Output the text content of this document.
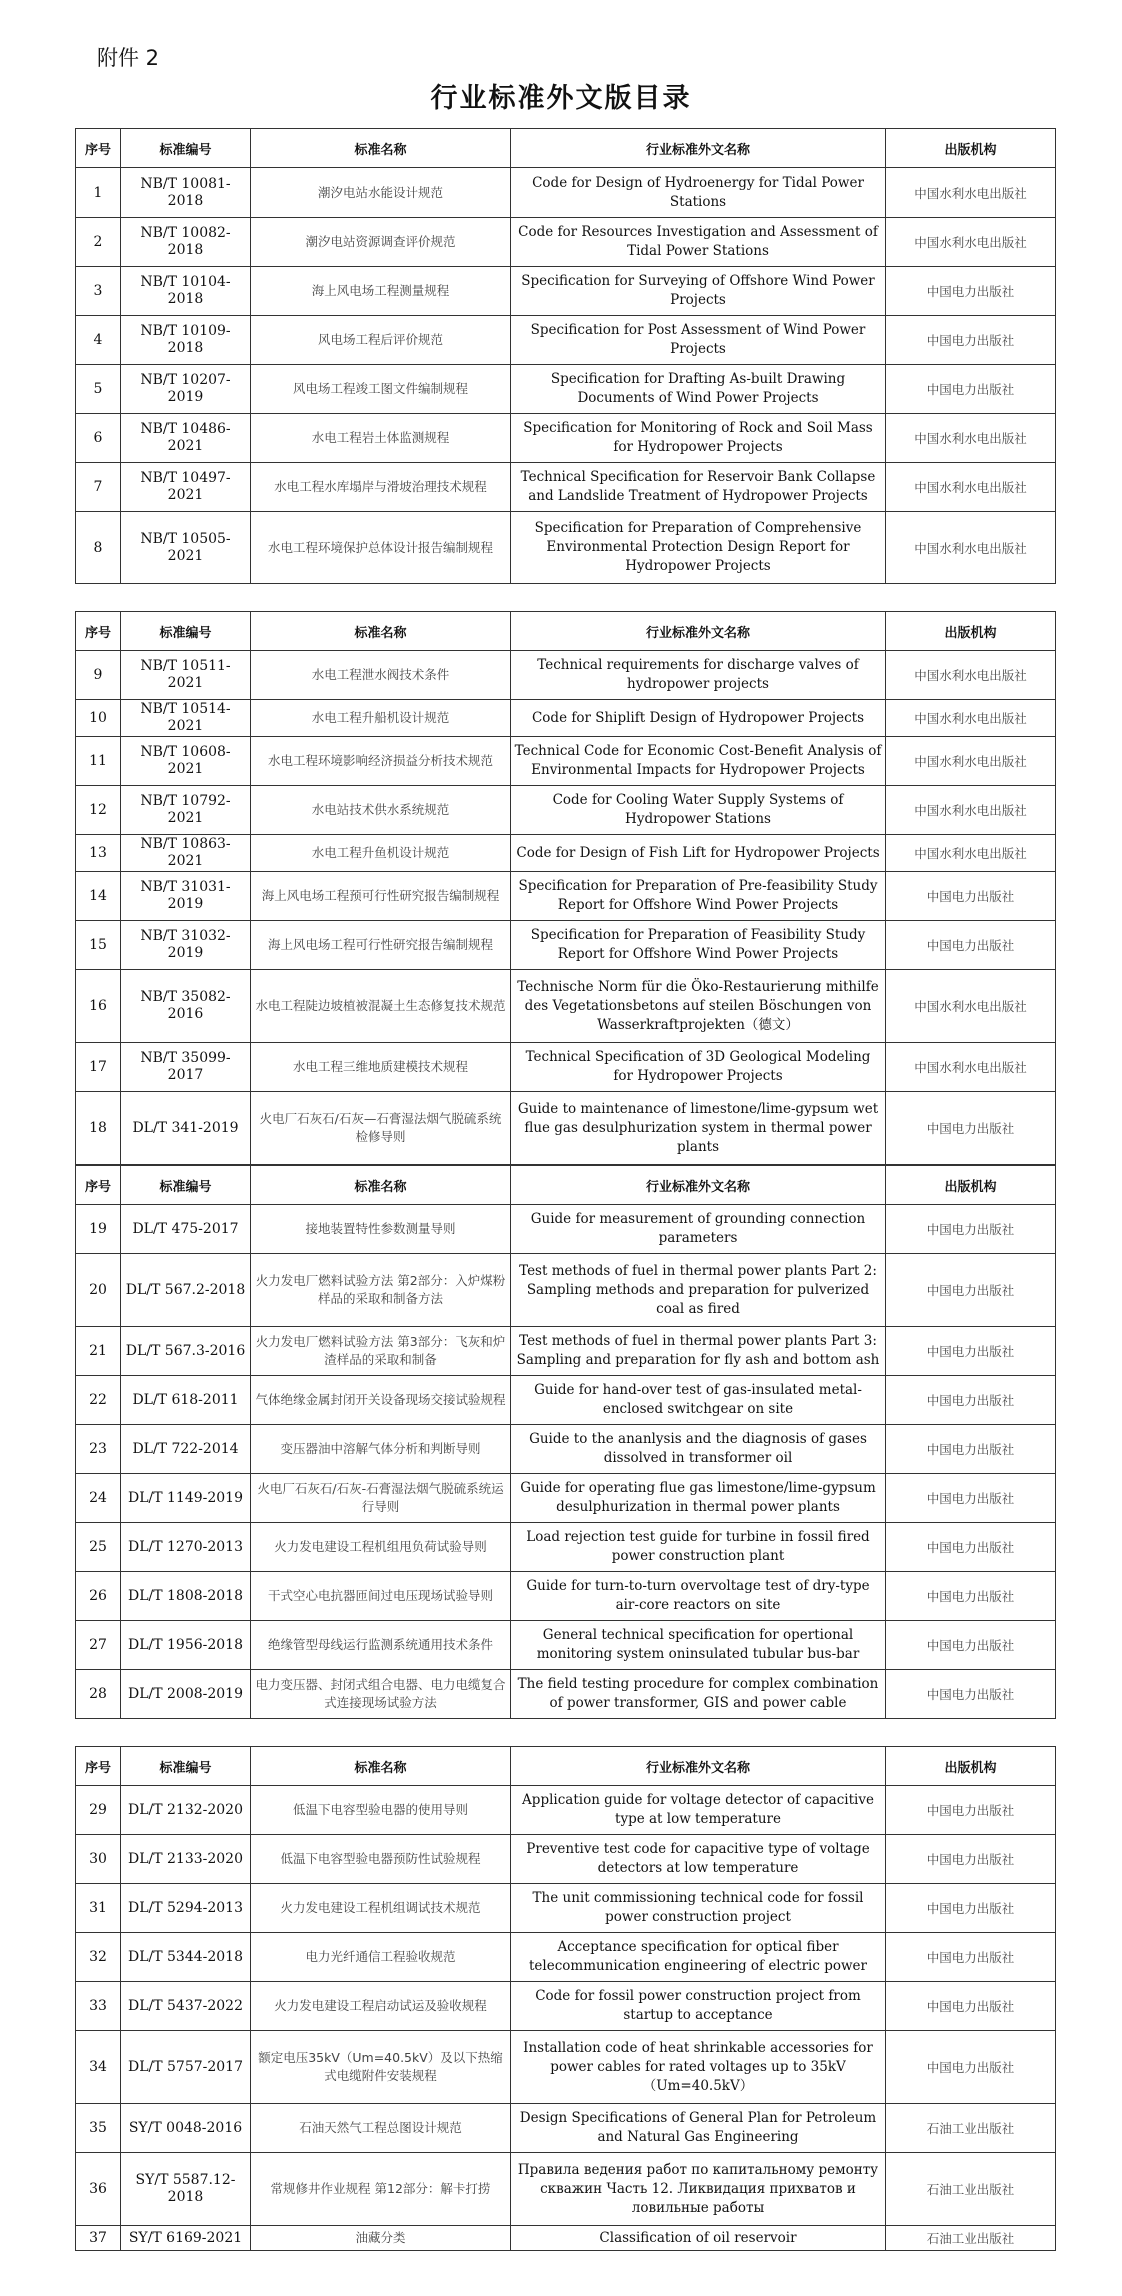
附件 2
行业标准外文版目录
序号	标准编号	标准名称	行业标准外文名称	出版机构
1	NB/T 10081-2018	潮汐电站水能设计规范	Code for Design of Hydroenergy for Tidal Power Stations	中国水利水电出版社
2	NB/T 10082-2018	潮汐电站资源调查评价规范	Code for Resources Investigation and Assessment of Tidal Power Stations	中国水利水电出版社
3	NB/T 10104-2018	海上风电场工程测量规程	Specification for Surveying of Offshore Wind Power Projects	中国电力出版社
4	NB/T 10109-2018	风电场工程后评价规范	Specification for Post Assessment of Wind Power Projects	中国电力出版社
5	NB/T 10207-2019	风电场工程竣工图文件编制规程	Specification for Drafting As-built Drawing Documents of Wind Power Projects	中国电力出版社
6	NB/T 10486-2021	水电工程岩土体监测规程	Specification for Monitoring of Rock and Soil Mass for Hydropower Projects	中国水利水电出版社
7	NB/T 10497-2021	水电工程水库塌岸与滑坡治理技术规程	Technical Specification for Reservoir Bank Collapse and Landslide Treatment of Hydropower Projects	中国水利水电出版社
8	NB/T 10505-2021	水电工程环境保护总体设计报告编制规程	Specification for Preparation of Comprehensive Environmental Protection Design Report for Hydropower Projects	中国水利水电出版社
序号	标准编号	标准名称	行业标准外文名称	出版机构
9	NB/T 10511-2021	水电工程泄水阀技术条件	Technical requirements for discharge valves of hydropower projects	中国水利水电出版社
10	NB/T 10514-2021	水电工程升船机设计规范	Code for Shiplift Design of Hydropower Projects	中国水利水电出版社
11	NB/T 10608-2021	水电工程环境影响经济损益分析技术规范	Technical Code for Economic Cost-Benefit Analysis of Environmental Impacts for Hydropower Projects	中国水利水电出版社
12	NB/T 10792-2021	水电站技术供水系统规范	Code for Cooling Water Supply Systems of Hydropower Stations	中国水利水电出版社
13	NB/T 10863-2021	水电工程升鱼机设计规范	Code for Design of Fish Lift for Hydropower Projects	中国水利水电出版社
14	NB/T 31031-2019	海上风电场工程预可行性研究报告编制规程	Specification for Preparation of Pre-feasibility Study Report for Offshore Wind Power Projects	中国电力出版社
15	NB/T 31032-2019	海上风电场工程可行性研究报告编制规程	Specification for Preparation of Feasibility Study Report for Offshore Wind Power Projects	中国电力出版社
16	NB/T 35082-2016	水电工程陡边坡植被混凝土生态修复技术规范	Technische Norm für die Öko-Restaurierung mithilfe des Vegetationsbetons auf steilen Böschungen von Wasserkraftprojekten（德文）	中国水利水电出版社
17	NB/T 35099-2017	水电工程三维地质建模技术规程	Technical Specification of 3D Geological Modeling for Hydropower Projects	中国水利水电出版社
18	DL/T 341-2019	火电厂石灰石/石灰—石膏湿法烟气脱硫系统检修导则	Guide to maintenance of limestone/lime-gypsum wet flue gas desulphurization system in thermal power plants	中国电力出版社
序号	标准编号	标准名称	行业标准外文名称	出版机构
19	DL/T 475-2017	接地装置特性参数测量导则	Guide for measurement of grounding connection parameters	中国电力出版社
20	DL/T 567.2-2018	火力发电厂燃料试验方法 第2部分：入炉煤粉样品的采取和制备方法	Test methods of fuel in thermal power plants Part 2: Sampling methods and preparation for pulverized coal as fired	中国电力出版社
21	DL/T 567.3-2016	火力发电厂燃料试验方法 第3部分：飞灰和炉渣样品的采取和制备	Test methods of fuel in thermal power plants Part 3: Sampling and preparation for fly ash and bottom ash	中国电力出版社
22	DL/T 618-2011	气体绝缘金属封闭开关设备现场交接试验规程	Guide for hand-over test of gas-insulated metal-enclosed switchgear on site	中国电力出版社
23	DL/T 722-2014	变压器油中溶解气体分析和判断导则	Guide to the ananlysis and the diagnosis of gases dissolved in transformer oil	中国电力出版社
24	DL/T 1149-2019	火电厂石灰石/石灰-石膏湿法烟气脱硫系统运行导则	Guide for operating flue gas limestone/lime-gypsum desulphurization in thermal power plants	中国电力出版社
25	DL/T 1270-2013	火力发电建设工程机组甩负荷试验导则	Load rejection test guide for turbine in fossil fired power construction plant	中国电力出版社
26	DL/T 1808-2018	干式空心电抗器匝间过电压现场试验导则	Guide for turn-to-turn overvoltage test of dry-type air-core reactors on site	中国电力出版社
27	DL/T 1956-2018	绝缘管型母线运行监测系统通用技术条件	General technical specification for opertional monitoring system oninsulated tubular bus-bar	中国电力出版社
28	DL/T 2008-2019	电力变压器、封闭式组合电器、电力电缆复合式连接现场试验方法	The field testing procedure for complex combination of power transformer, GIS and power cable	中国电力出版社
序号	标准编号	标准名称	行业标准外文名称	出版机构
29	DL/T 2132-2020	低温下电容型验电器的使用导则	Application guide for voltage detector of capacitive type at low temperature	中国电力出版社
30	DL/T 2133-2020	低温下电容型验电器预防性试验规程	Preventive test code for capacitive type of voltage detectors at low temperature	中国电力出版社
31	DL/T 5294-2013	火力发电建设工程机组调试技术规范	The unit commissioning technical code for fossil power construction project	中国电力出版社
32	DL/T 5344-2018	电力光纤通信工程验收规范	Acceptance specification for optical fiber telecommunication engineering of electric power	中国电力出版社
33	DL/T 5437-2022	火力发电建设工程启动试运及验收规程	Code for fossil power construction project from startup to acceptance	中国电力出版社
34	DL/T 5757-2017	额定电压35kV（Um=40.5kV）及以下热缩式电缆附件安装规程	Installation code of heat shrinkable accessories for power cables for rated voltages up to 35kV （Um=40.5kV）	中国电力出版社
35	SY/T 0048-2016	石油天然气工程总图设计规范	Design Specifications of General Plan for Petroleum and Natural Gas Engineering	石油工业出版社
36	SY/T 5587.12-2018	常规修井作业规程 第12部分：解卡打捞	Правила ведения работ по капитальному ремонту скважин Часть 12. Ликвидация прихватов и ловильные работы	石油工业出版社
37	SY/T 6169-2021	油藏分类	Classification of oil reservoir	石油工业出版社
